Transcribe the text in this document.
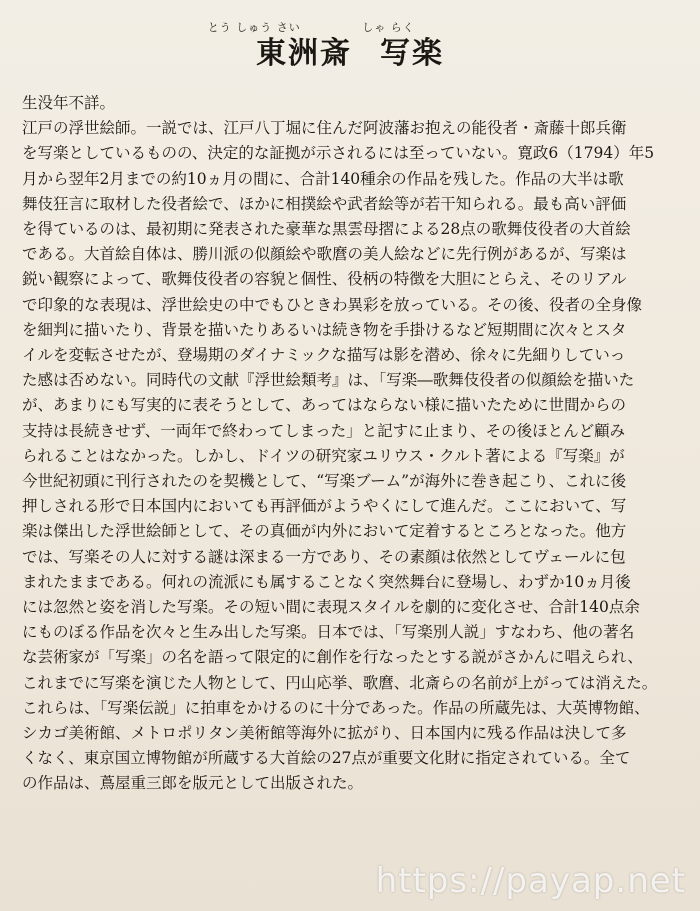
とう しゅう さい	しゃ らく
東洲斎 写楽
生没年不詳。
江戸の浮世絵師。一説では、江戸八丁堀に住んだ阿波藩お抱えの能役者・斎藤十郎兵衛
を写楽としているものの、決定的な証拠が示されるには至っていない。寛政6（1794）年5
月から翌年2月までの約10ヵ月の間に、合計140種余の作品を残した。作品の大半は歌
舞伎狂言に取材した役者絵で、ほかに相撲絵や武者絵等が若干知られる。最も高い評価
を得ているのは、最初期に発表された豪華な黒雲母摺による28点の歌舞伎役者の大首絵
である。大首絵自体は、勝川派の似顔絵や歌麿の美人絵などに先行例があるが、写楽は
鋭い観察によって、歌舞伎役者の容貌と個性、役柄の特徴を大胆にとらえ、そのリアル
で印象的な表現は、浮世絵史の中でもひときわ異彩を放っている。その後、役者の全身像
を細判に描いたり、背景を描いたりあるいは続き物を手掛けるなど短期間に次々とスタ
イルを変転させたが、登場期のダイナミックな描写は影を潜め、徐々に先細りしていっ
た感は否めない。同時代の文献『浮世絵類考』は、「写楽―歌舞伎役者の似顔絵を描いた
が、あまりにも写実的に表そうとして、あってはならない様に描いたために世間からの
支持は長続きせず、一両年で終わってしまった」と記すに止まり、その後ほとんど顧み
られることはなかった。しかし、ドイツの研究家ユリウス・クルト著による『写楽』が
今世紀初頭に刊行されたのを契機として、“写楽ブーム”が海外に巻き起こり、これに後
押しされる形で日本国内においても再評価がようやくにして進んだ。ここにおいて、写
楽は傑出した浮世絵師として、その真価が内外において定着するところとなった。他方
では、写楽その人に対する謎は深まる一方であり、その素顔は依然としてヴェールに包
まれたままである。何れの流派にも属することなく突然舞台に登場し、わずか10ヵ月後
には忽然と姿を消した写楽。その短い間に表現スタイルを劇的に変化させ、合計140点余
にものぼる作品を次々と生み出した写楽。日本では、「写楽別人説」すなわち、他の著名
な芸術家が「写楽」の名を語って限定的に創作を行なったとする説がさかんに唱えられ、
これまでに写楽を演じた人物として、円山応挙、歌麿、北斎らの名前が上がっては消えた。
これらは、「写楽伝説」に拍車をかけるのに十分であった。作品の所蔵先は、大英博物館、
シカゴ美術館、メトロポリタン美術館等海外に拡がり、日本国内に残る作品は決して多
くなく、東京国立博物館が所蔵する大首絵の27点が重要文化財に指定されている。全て
の作品は、蔦屋重三郎を版元として出版された。
https://payap.net
